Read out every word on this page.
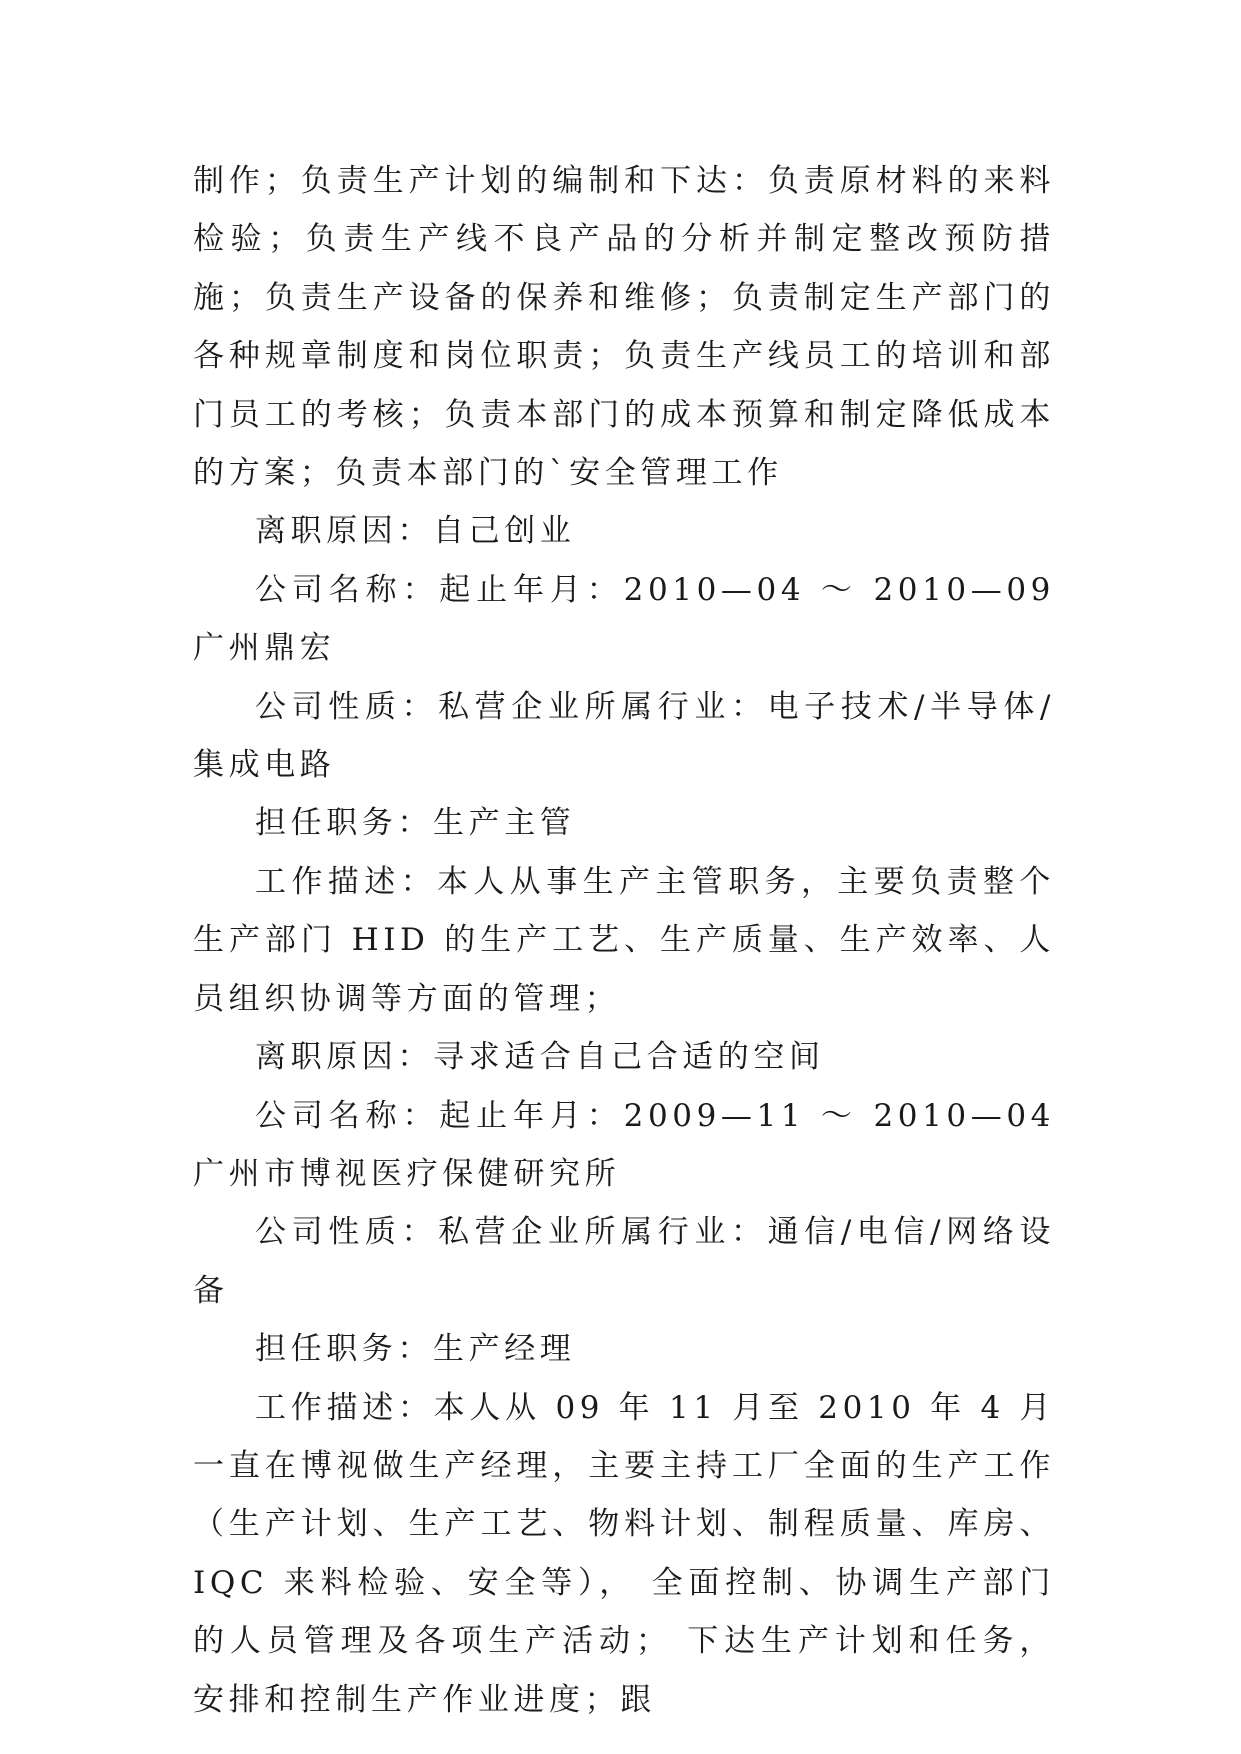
制作；负责生产计划的编制和下达：负责原材料的来料检验；负责生产线不良产品的分析并制定整改预防措施；负责生产设备的保养和维修；负责制定生产部门的各种规章制度和岗位职责；负责生产线员工的培训和部门员工的考核；负责本部门的成本预算和制定降低成本的方案；负责本部门的`安全管理工作

离职原因：自己创业

公司名称：起止年月：2010—04 ～ 2010—09 广州鼎宏

公司性质：私营企业所属行业：电子技术/半导体/集成电路

担任职务：生产主管

工作描述：本人从事生产主管职务，主要负责整个生产部门 HID 的生产工艺、生产质量、生产效率、人员组织协调等方面的管理；

离职原因：寻求适合自己合适的空间

公司名称：起止年月：2009—11 ～ 2010—04 广州市博视医疗保健研究所

公司性质：私营企业所属行业：通信/电信/网络设备

担任职务：生产经理

工作描述：本人从 09 年 11 月至 2010 年 4 月一直在博视做生产经理，主要主持工厂全面的生产工作（生产计划、生产工艺、物料计划、制程质量、库房、IQC 来料检验、安全等）， 全面控制、协调生产部门的人员管理及各项生产活动； 下达生产计划和任务，安排和控制生产作业进度；跟
